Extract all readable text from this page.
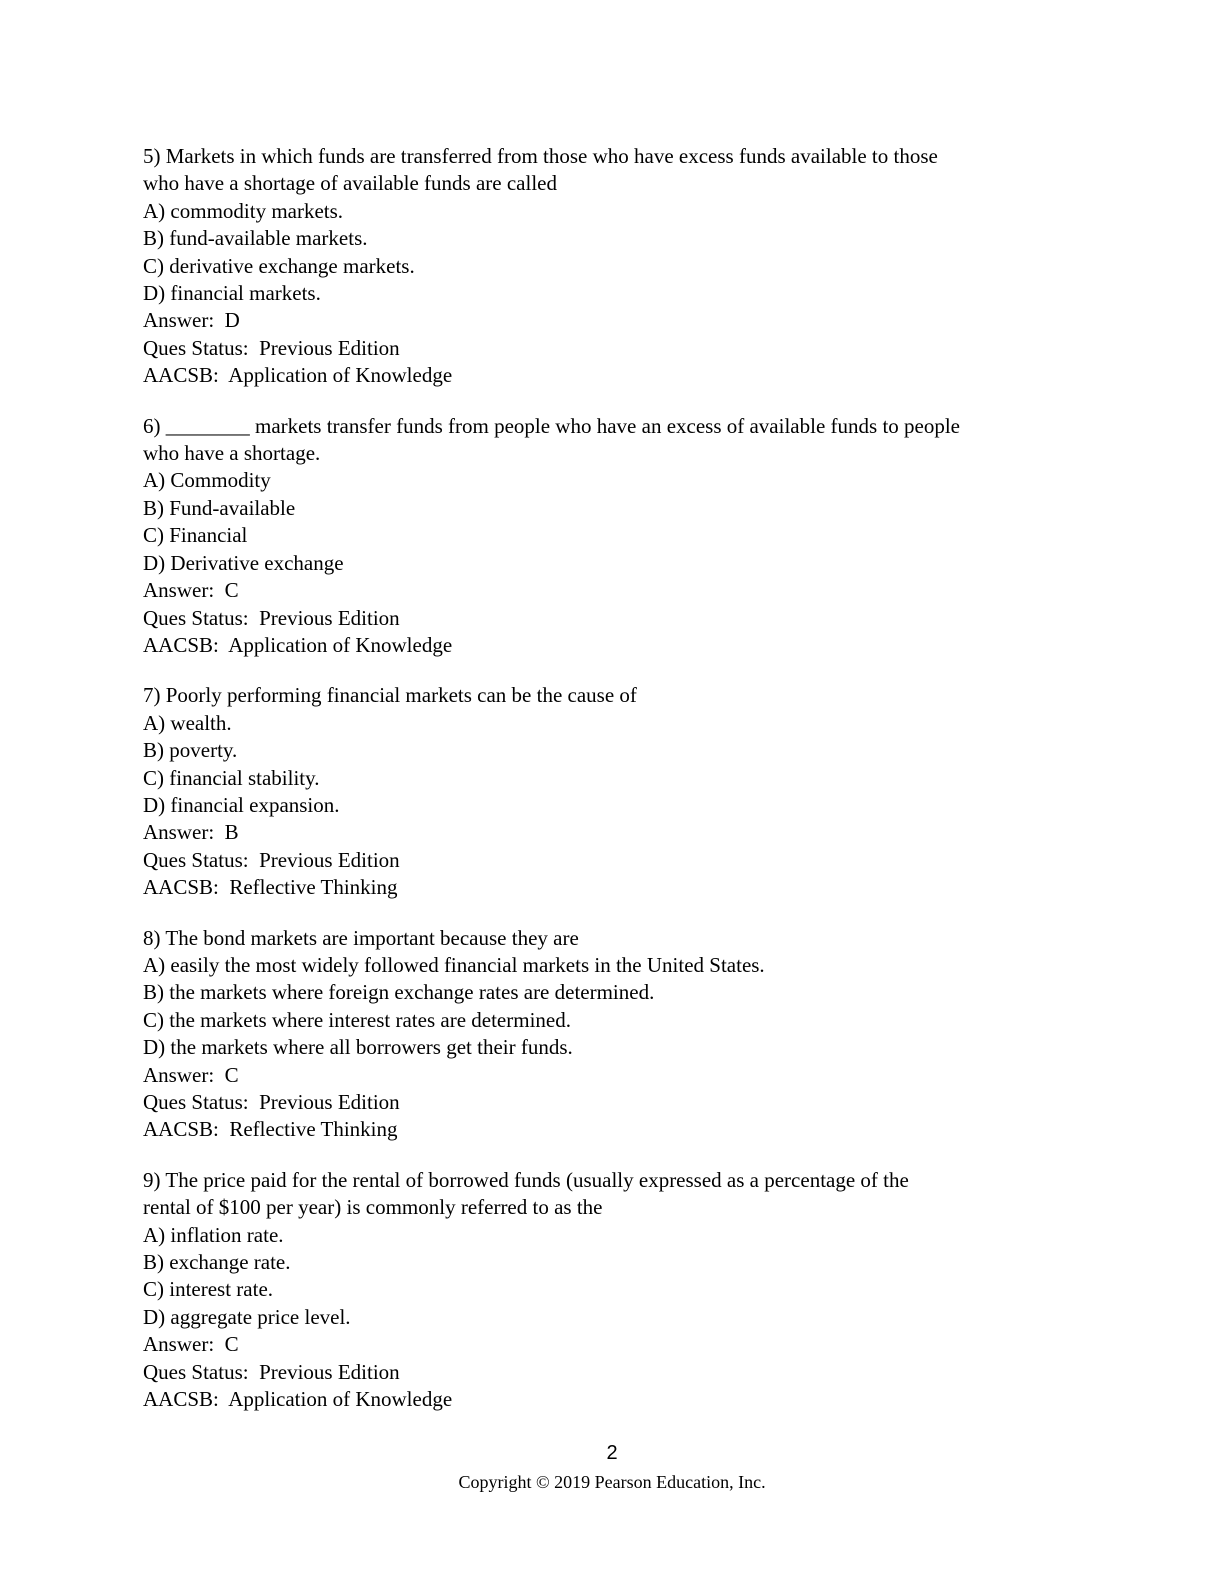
5) Markets in which funds are transferred from those who have excess funds available to those

who have a shortage of available funds are called

A) commodity markets.

B) fund-available markets.

C) derivative exchange markets.

D) financial markets.

Answer:  D

Ques Status:  Previous Edition

AACSB:  Application of Knowledge

6) ________ markets transfer funds from people who have an excess of available funds to people

who have a shortage.

A) Commodity

B) Fund-available

C) Financial

D) Derivative exchange

Answer:  C

Ques Status:  Previous Edition

AACSB:  Application of Knowledge

7) Poorly performing financial markets can be the cause of

A) wealth.

B) poverty.

C) financial stability.

D) financial expansion.

Answer:  B

Ques Status:  Previous Edition

AACSB:  Reflective Thinking

8) The bond markets are important because they are

A) easily the most widely followed financial markets in the United States.

B) the markets where foreign exchange rates are determined.

C) the markets where interest rates are determined.

D) the markets where all borrowers get their funds.

Answer:  C

Ques Status:  Previous Edition

AACSB:  Reflective Thinking

9) The price paid for the rental of borrowed funds (usually expressed as a percentage of the

rental of $100 per year) is commonly referred to as the

A) inflation rate.

B) exchange rate.

C) interest rate.

D) aggregate price level.

Answer:  C

Ques Status:  Previous Edition

AACSB:  Application of Knowledge

2
Copyright © 2019 Pearson Education, Inc.
